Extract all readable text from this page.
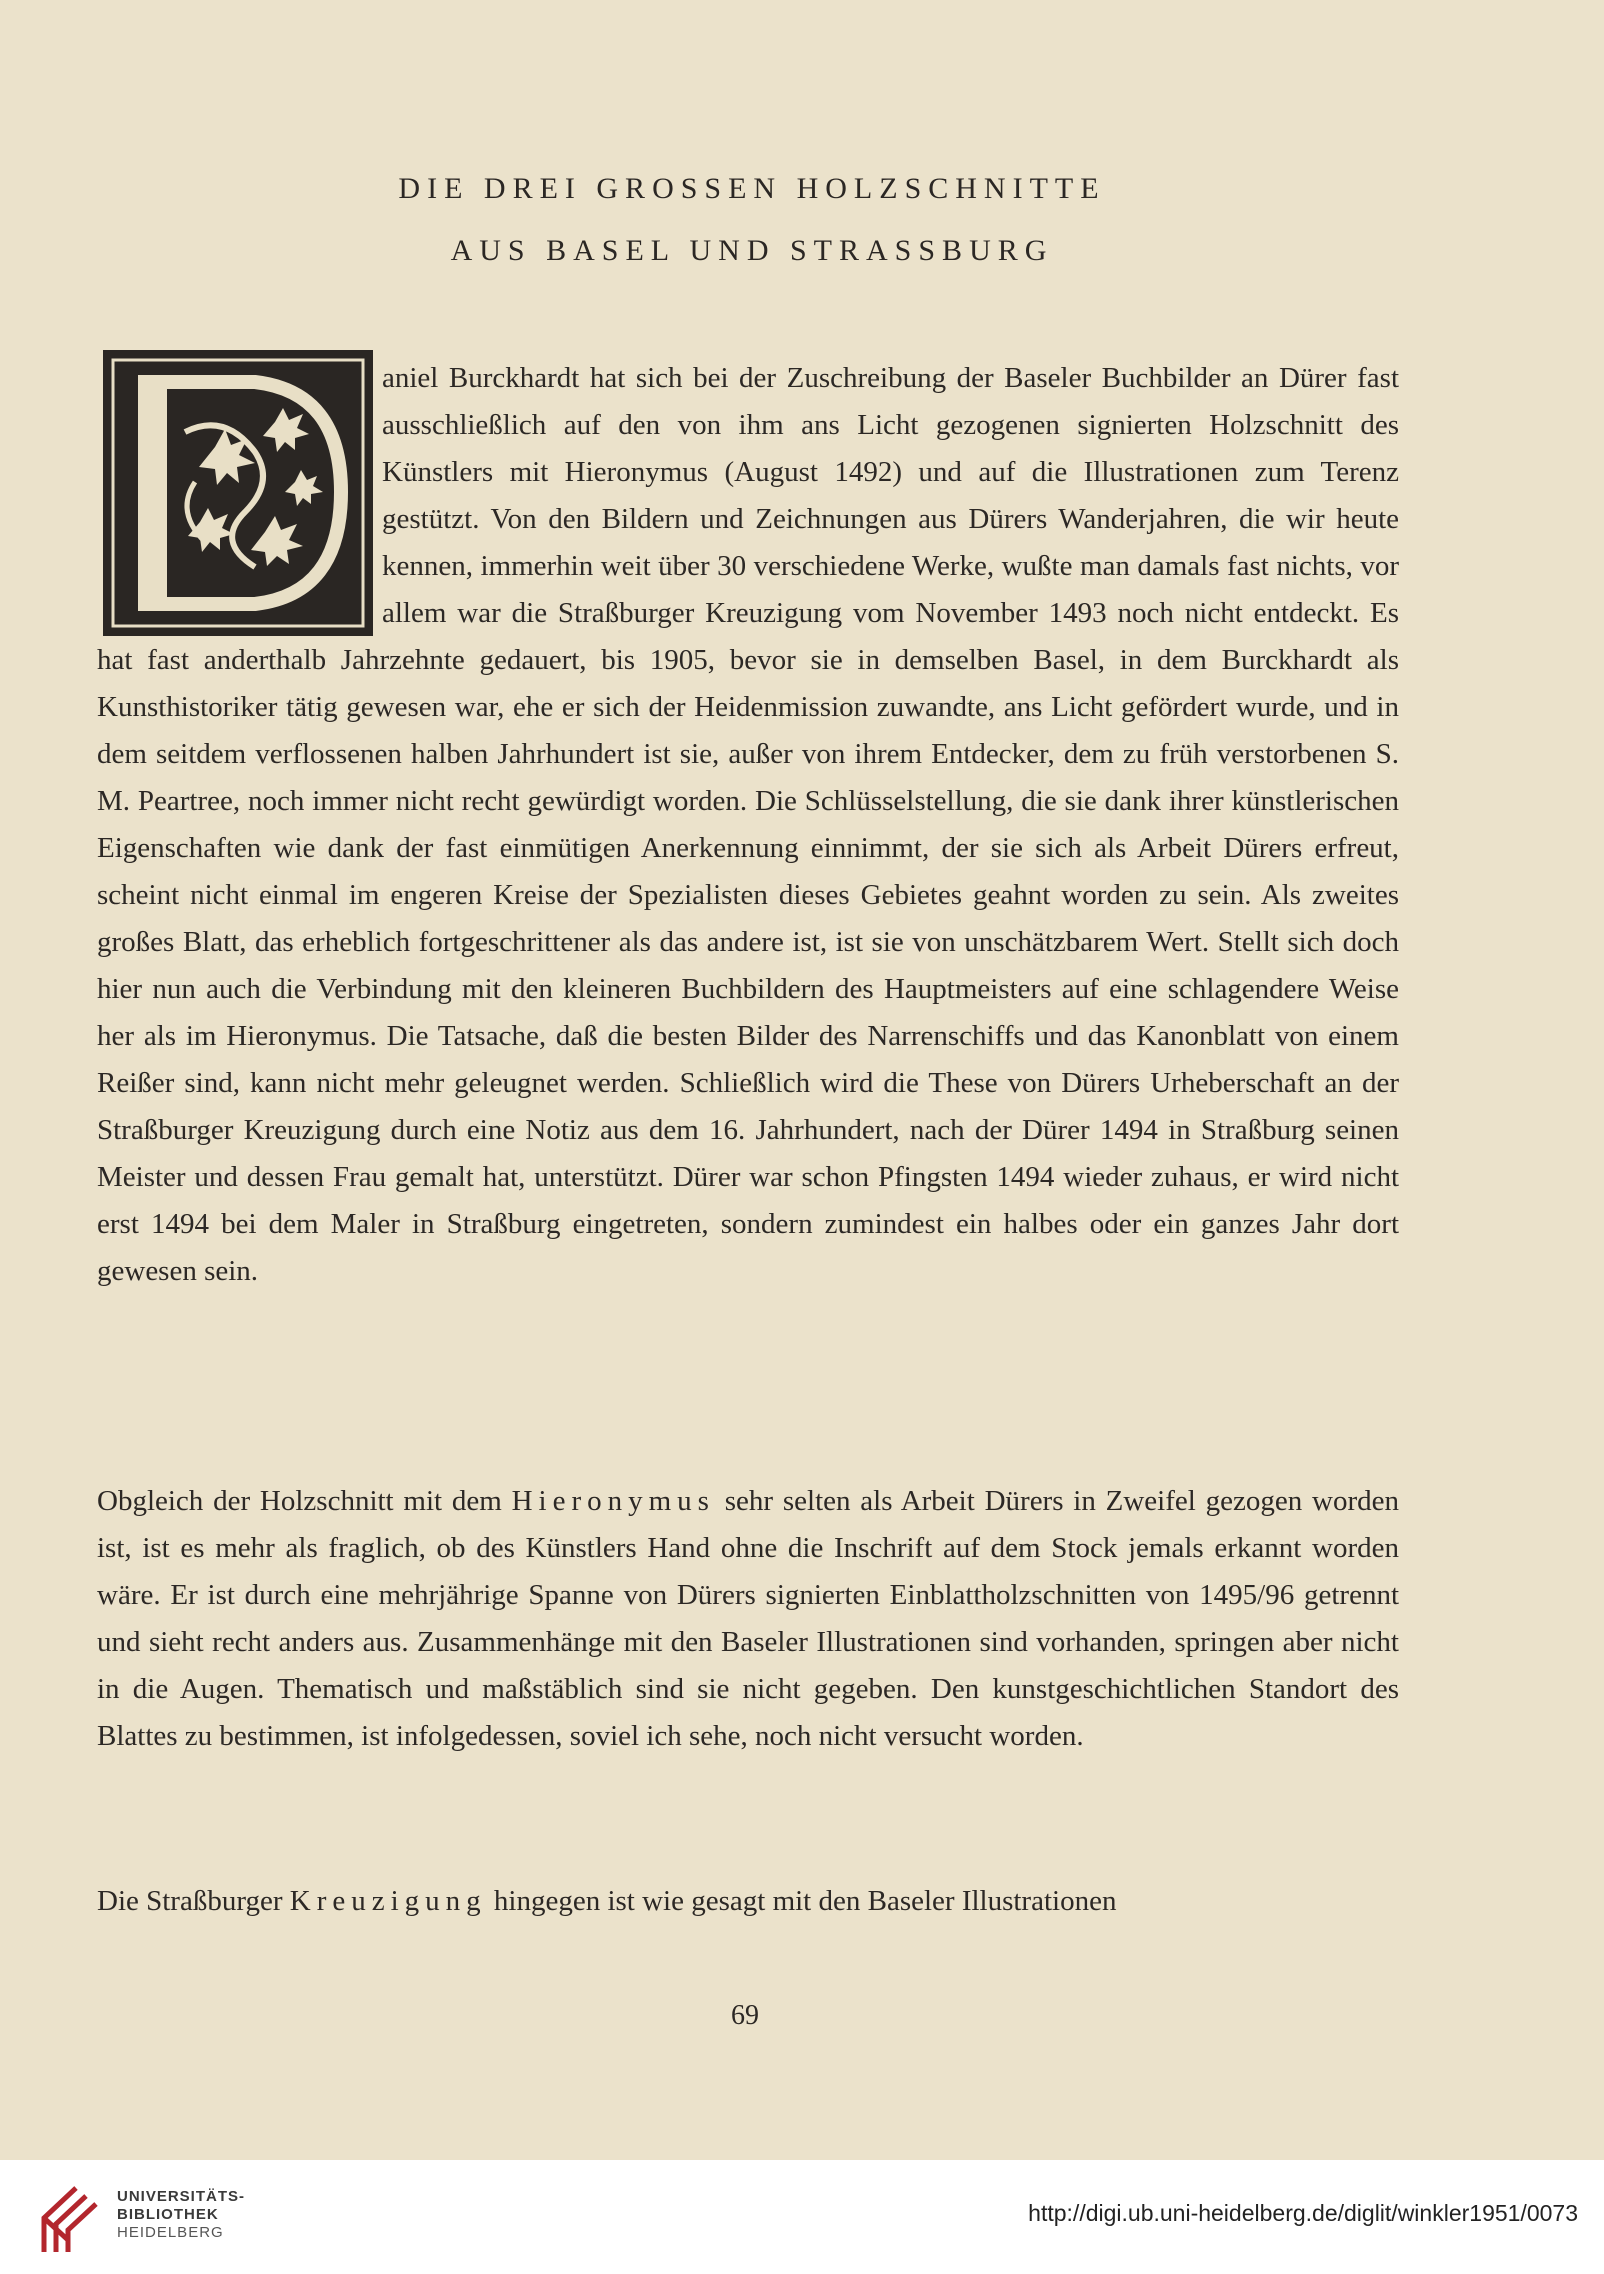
DIE DREI GROSSEN HOLZSCHNITTE
AUS BASEL UND STRASSBURG

aniel Burckhardt hat sich bei der Zuschreibung der Baseler Buchbilder an Dürer fast ausschließlich auf den von ihm ans Licht gezogenen signierten Holzschnitt des Künstlers mit Hieronymus (August 1492) und auf die Illustrationen zum Terenz gestützt. Von den Bildern und Zeichnungen aus Dürers Wanderjahren, die wir heute kennen, immerhin weit über 30 verschiedene Werke, wußte man damals fast nichts, vor allem war die Straßburger Kreuzigung vom November 1493 noch nicht entdeckt. Es hat fast anderthalb Jahrzehnte gedauert, bis 1905, bevor sie in demselben Basel, in dem Burckhardt als Kunsthistoriker tätig gewesen war, ehe er sich der Heidenmission zuwandte, ans Licht gefördert wurde, und in dem seitdem verflossenen halben Jahrhundert ist sie, außer von ihrem Entdecker, dem zu früh verstorbenen S. M. Peartree, noch immer nicht recht gewürdigt worden. Die Schlüsselstellung, die sie dank ihrer künstlerischen Eigenschaften wie dank der fast einmütigen Anerkennung einnimmt, der sie sich als Arbeit Dürers erfreut, scheint nicht einmal im engeren Kreise der Spezialisten dieses Gebietes geahnt worden zu sein. Als zweites großes Blatt, das erheblich fortgeschrittener als das andere ist, ist sie von unschätzbarem Wert. Stellt sich doch hier nun auch die Verbindung mit den kleineren Buchbildern des Hauptmeisters auf eine schlagendere Weise her als im Hieronymus. Die Tatsache, daß die besten Bilder des Narrenschiffs und das Kanonblatt von einem Reißer sind, kann nicht mehr geleugnet werden. Schließlich wird die These von Dürers Urheberschaft an der Straßburger Kreuzigung durch eine Notiz aus dem 16. Jahrhundert, nach der Dürer 1494 in Straßburg seinen Meister und dessen Frau gemalt hat, unterstützt. Dürer war schon Pfingsten 1494 wieder zuhaus, er wird nicht erst 1494 bei dem Maler in Straßburg eingetreten, sondern zumindest ein halbes oder ein ganzes Jahr dort gewesen sein.

Obgleich der Holzschnitt mit dem Hieronymus sehr selten als Arbeit Dürers in Zweifel gezogen worden ist, ist es mehr als fraglich, ob des Künstlers Hand ohne die Inschrift auf dem Stock jemals erkannt worden wäre. Er ist durch eine mehrjährige Spanne von Dürers signierten Einblattholzschnitten von 1495/96 getrennt und sieht recht anders aus. Zusammenhänge mit den Baseler Illustrationen sind vorhanden, springen aber nicht in die Augen. Thematisch und maßstäblich sind sie nicht gegeben. Den kunstgeschichtlichen Standort des Blattes zu bestimmen, ist infolgedessen, soviel ich sehe, noch nicht versucht worden.

Die Straßburger Kreuzigung hingegen ist wie gesagt mit den Baseler Illustrationen

69
UNIVERSITÄTS-
BIBLIOTHEK
HEIDELBERG
http://digi.ub.uni-heidelberg.de/diglit/winkler1951/0073
